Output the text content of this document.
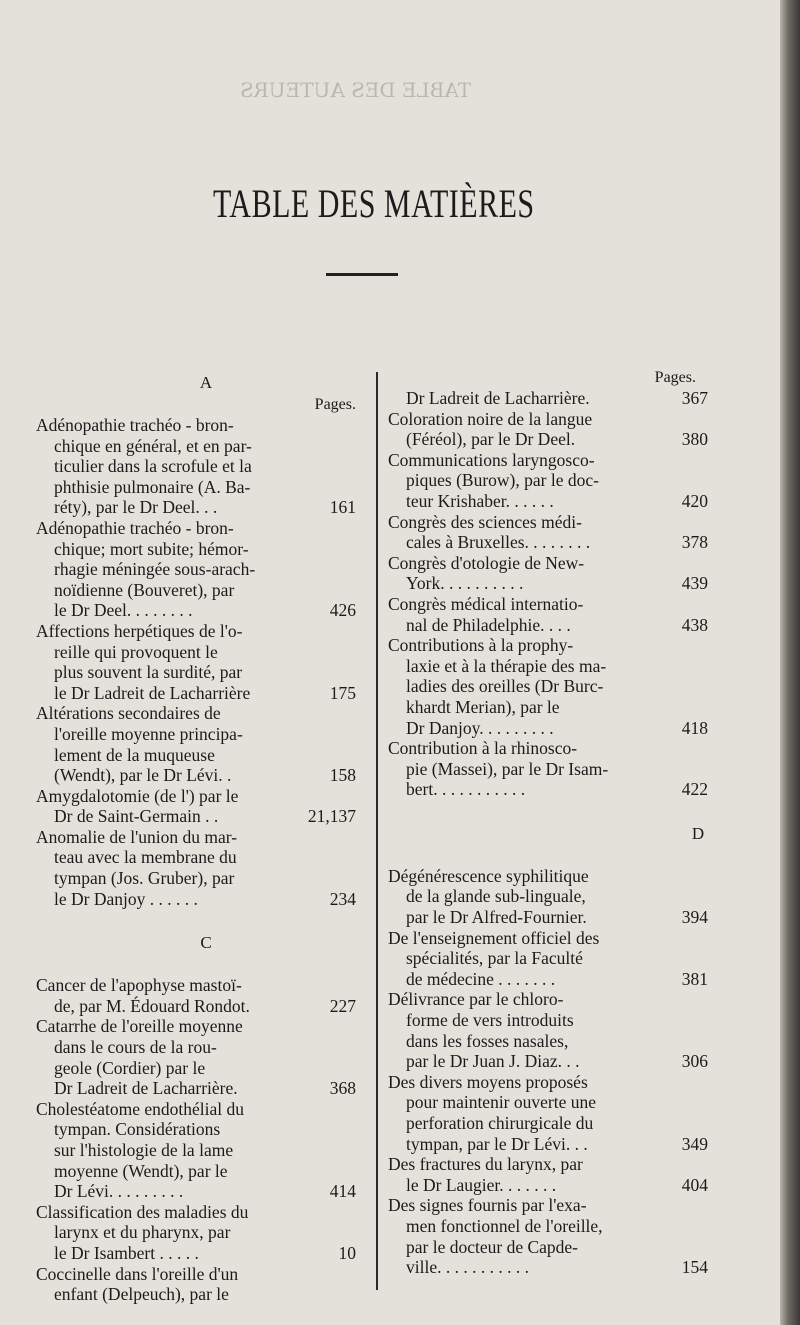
TABLE DES AUTEURS
TABLE DES MATIÈRES
A
Pages.
Adénopathie trachéo - bron-
chique en général, et en par-
ticulier dans la scrofule et la
phthisie pulmonaire (A. Ba-
réty), par le Dr Deel. . .	161
Adénopathie trachéo - bron-
chique; mort subite; hémor-
rhagie méningée sous-arach-
noïdienne (Bouveret), par
le Dr Deel. . . . . . . .	426
Affections herpétiques de l'o-
reille qui provoquent le
plus souvent la surdité, par
le Dr Ladreit de Lacharrière	175
Altérations secondaires de
l'oreille moyenne principa-
lement de la muqueuse
(Wendt), par le Dr Lévi. .	158
Amygdalotomie (de l') par le
Dr de Saint-Germain . .	21,137
Anomalie de l'union du mar-
teau avec la membrane du
tympan (Jos. Gruber), par
le Dr Danjoy . . . . . .	234
C
Cancer de l'apophyse mastoï-
de, par M. Édouard Rondot.	227
Catarrhe de l'oreille moyenne
dans le cours de la rou-
geole (Cordier) par le
Dr Ladreit de Lacharrière.	368
Cholestéatome endothélial du
tympan. Considérations
sur l'histologie de la lame
moyenne (Wendt), par le
Dr Lévi. . . . . . . . .	414
Classification des maladies du
larynx et du pharynx, par
le Dr Isambert . . . . .	10
Coccinelle dans l'oreille d'un
enfant (Delpeuch), par le
Pages.
Dr Ladreit de Lacharrière.	367
Coloration noire de la langue
(Féréol), par le Dr Deel.	380
Communications laryngosco-
piques (Burow), par le doc-
teur Krishaber. . . . . .	420
Congrès des sciences médi-
cales à Bruxelles. . . . . . . .	378
Congrès d'otologie de New-
York. . . . . . . . . .	439
Congrès médical internatio-
nal de Philadelphie. . . .	438
Contributions à la prophy-
laxie et à la thérapie des ma-
ladies des oreilles (Dr Burc-
khardt Merian), par le
Dr Danjoy. . . . . . . . .	418
Contribution à la rhinosco-
pie (Massei), par le Dr Isam-
bert. . . . . . . . . . .	422
D
Dégénérescence syphilitique
de la glande sub-linguale,
par le Dr Alfred-Fournier.	394
De l'enseignement officiel des
spécialités, par la Faculté
de médecine . . . . . . .	381
Délivrance par le chloro-
forme de vers introduits
dans les fosses nasales,
par le Dr Juan J. Diaz. . .	306
Des divers moyens proposés
pour maintenir ouverte une
perforation chirurgicale du
tympan, par le Dr Lévi. . .	349
Des fractures du larynx, par
le Dr Laugier. . . . . . .	404
Des signes fournis par l'exa-
men fonctionnel de l'oreille,
par le docteur de Capde-
ville. . . . . . . . . . .	154
